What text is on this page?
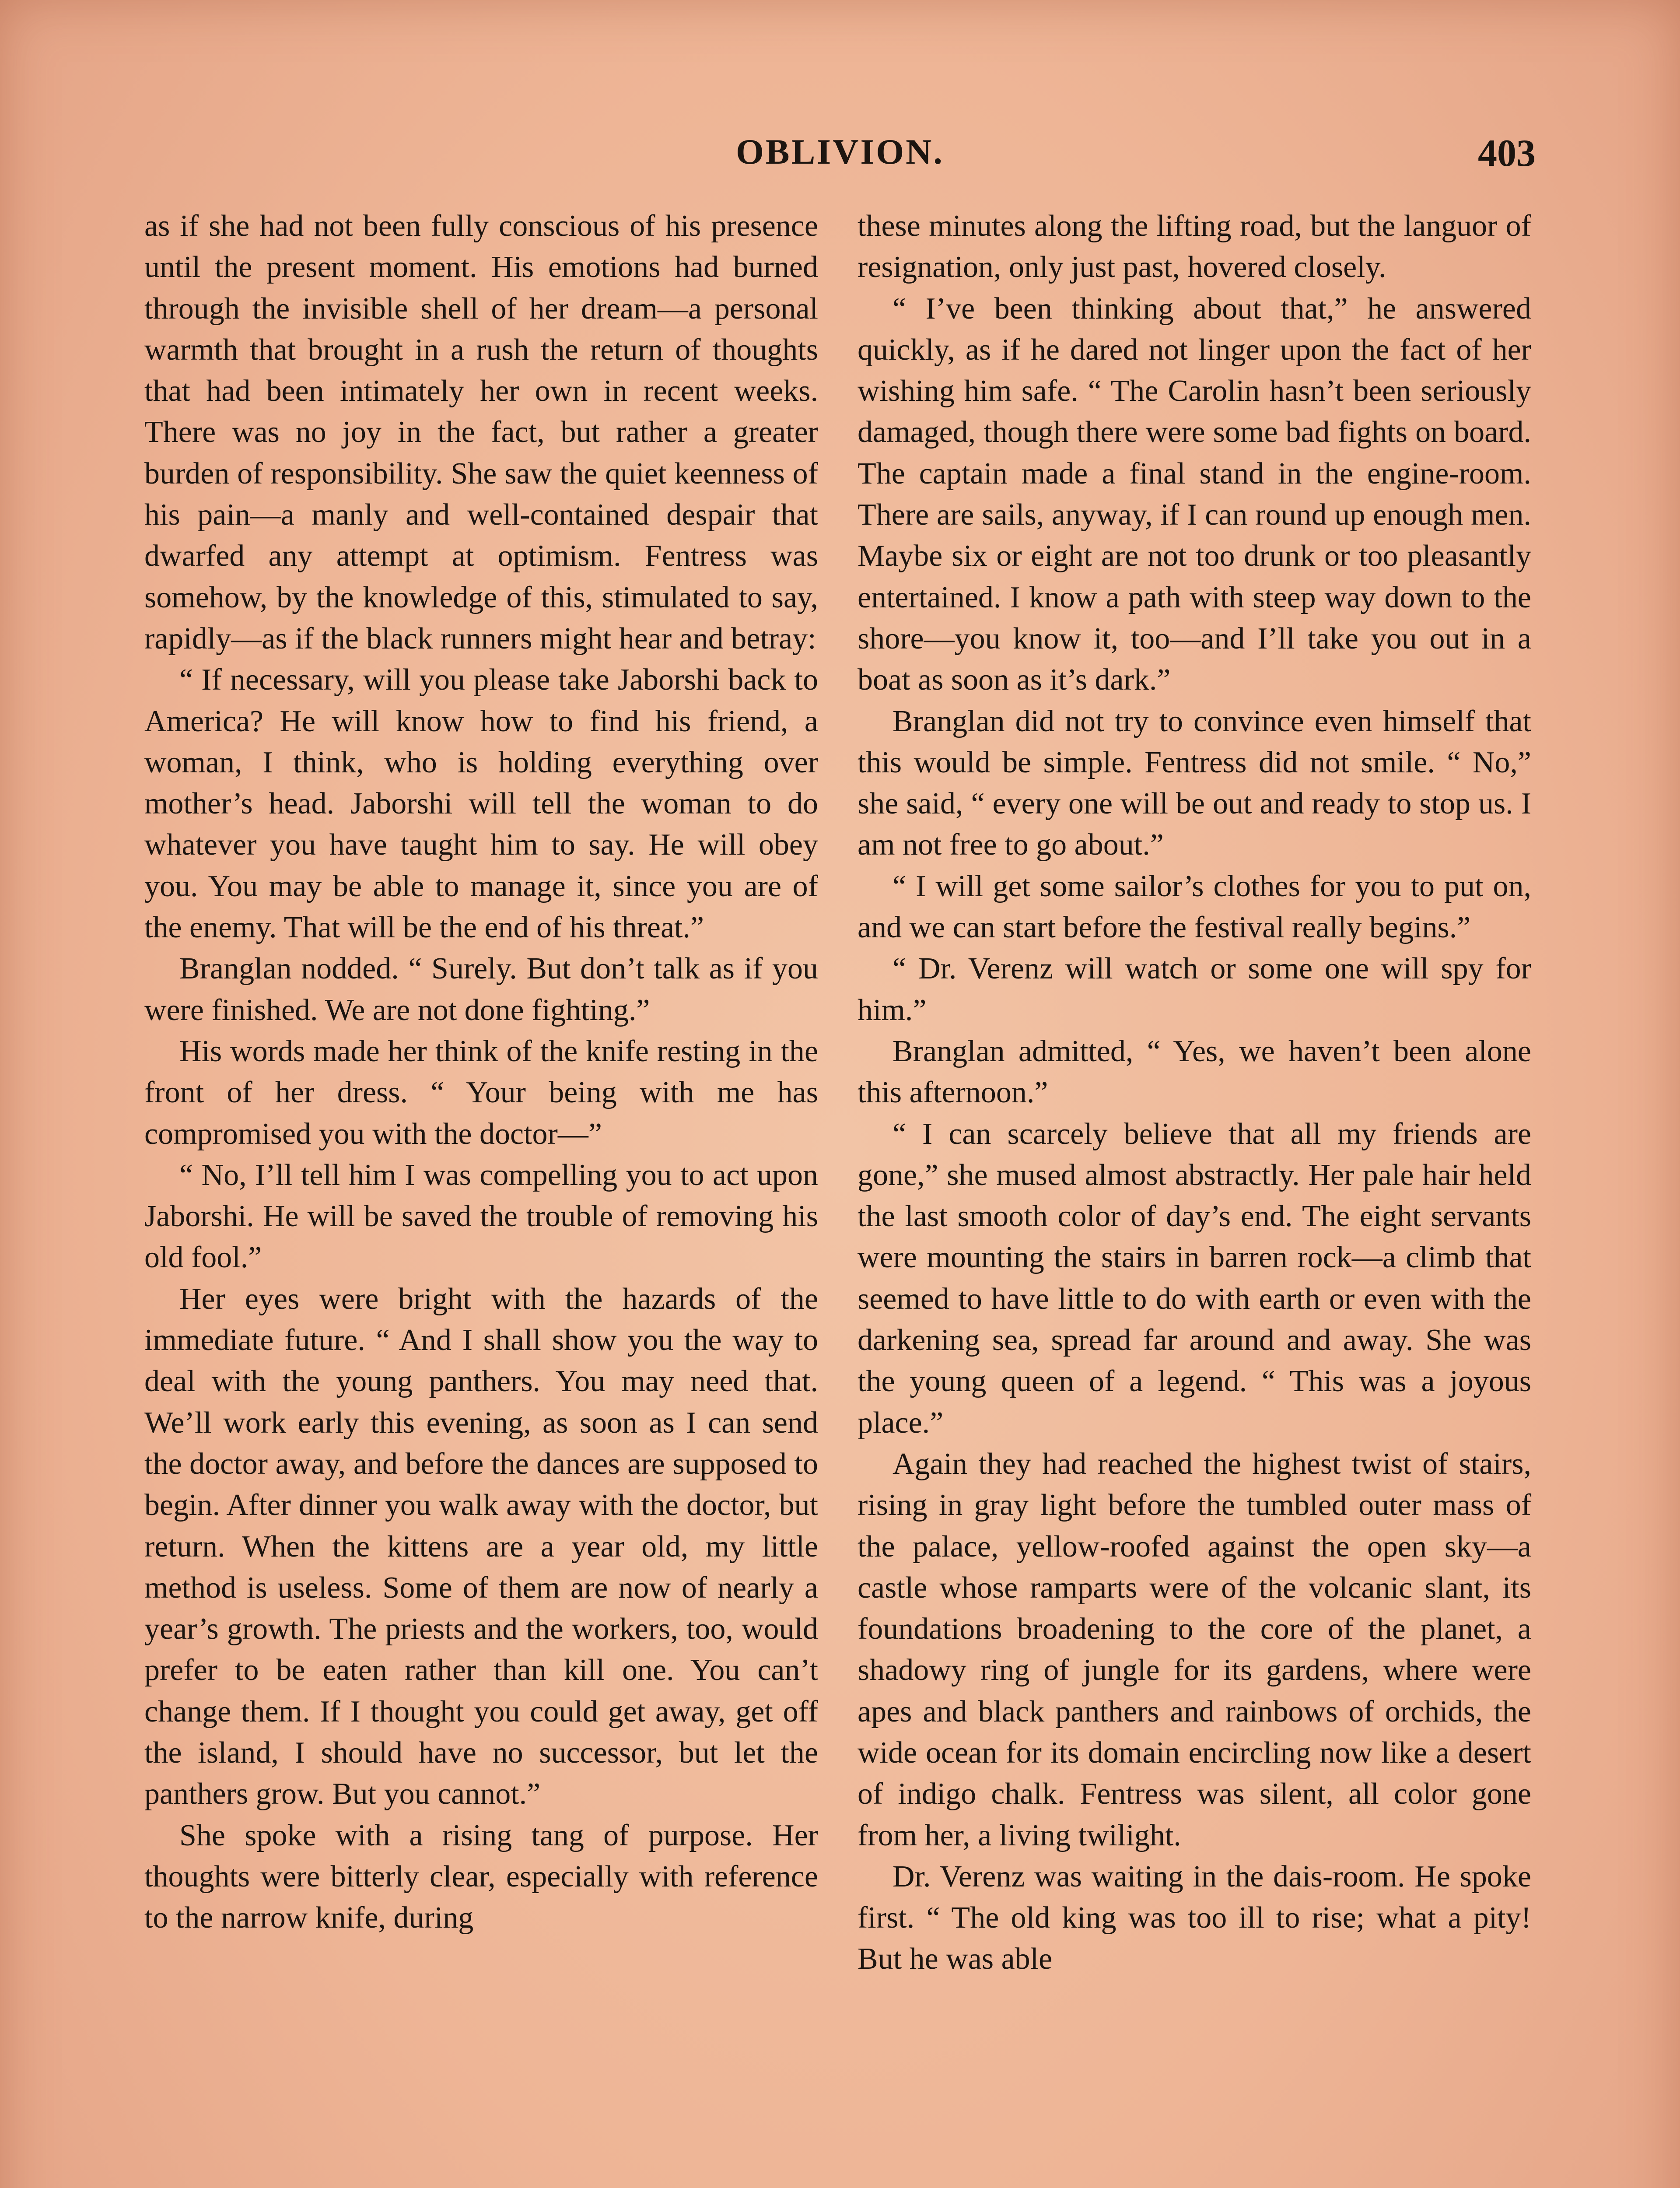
OBLIVION.	403

as if she had not been fully conscious of his presence until the present moment. His emotions had burned through the invisible shell of her dream—a personal warmth that brought in a rush the return of thoughts that had been intimately her own in recent weeks. There was no joy in the fact, but rather a greater burden of responsibility. She saw the quiet keenness of his pain—a manly and well-contained despair that dwarfed any attempt at optimism. Fentress was somehow, by the knowledge of this, stimulated to say, rapidly—as if the black runners might hear and betray:

“ If necessary, will you please take Jaborshi back to America? He will know how to find his friend, a woman, I think, who is holding everything over mother’s head. Jaborshi will tell the woman to do whatever you have taught him to say. He will obey you. You may be able to manage it, since you are of the enemy. That will be the end of his threat.”

Branglan nodded. “ Surely. But don’t talk as if you were finished. We are not done fighting.”

His words made her think of the knife resting in the front of her dress. “ Your being with me has compromised you with the doctor—”

“ No, I’ll tell him I was compelling you to act upon Jaborshi. He will be saved the trouble of removing his old fool.”

Her eyes were bright with the hazards of the immediate future. “ And I shall show you the way to deal with the young panthers. You may need that. We’ll work early this evening, as soon as I can send the doctor away, and before the dances are supposed to begin. After dinner you walk away with the doctor, but return. When the kittens are a year old, my little method is useless. Some of them are now of nearly a year’s growth. The priests and the workers, too, would prefer to be eaten rather than kill one. You can’t change them. If I thought you could get away, get off the island, I should have no successor, but let the panthers grow. But you cannot.”

She spoke with a rising tang of purpose. Her thoughts were bitterly clear, especially with reference to the narrow knife, during

these minutes along the lifting road, but the languor of resignation, only just past, hovered closely.

“ I’ve been thinking about that,” he answered quickly, as if he dared not linger upon the fact of her wishing him safe. “ The Carolin hasn’t been seriously damaged, though there were some bad fights on board. The captain made a final stand in the engine-room. There are sails, anyway, if I can round up enough men. Maybe six or eight are not too drunk or too pleasantly entertained. I know a path with steep way down to the shore—you know it, too—and I’ll take you out in a boat as soon as it’s dark.”

Branglan did not try to convince even himself that this would be simple. Fentress did not smile. “ No,” she said, “ every one will be out and ready to stop us. I am not free to go about.”

“ I will get some sailor’s clothes for you to put on, and we can start before the festival really begins.”

“ Dr. Verenz will watch or some one will spy for him.”

Branglan admitted, “ Yes, we haven’t been alone this afternoon.”

“ I can scarcely believe that all my friends are gone,” she mused almost abstractly. Her pale hair held the last smooth color of day’s end. The eight servants were mounting the stairs in barren rock—a climb that seemed to have little to do with earth or even with the darkening sea, spread far around and away. She was the young queen of a legend. “ This was a joyous place.”

Again they had reached the highest twist of stairs, rising in gray light before the tumbled outer mass of the palace, yellow-roofed against the open sky—a castle whose ramparts were of the volcanic slant, its foundations broadening to the core of the planet, a shadowy ring of jungle for its gardens, where were apes and black panthers and rainbows of orchids, the wide ocean for its domain encircling now like a desert of indigo chalk. Fentress was silent, all color gone from her, a living twilight.

Dr. Verenz was waiting in the dais-room. He spoke first. “ The old king was too ill to rise; what a pity! But he was able
